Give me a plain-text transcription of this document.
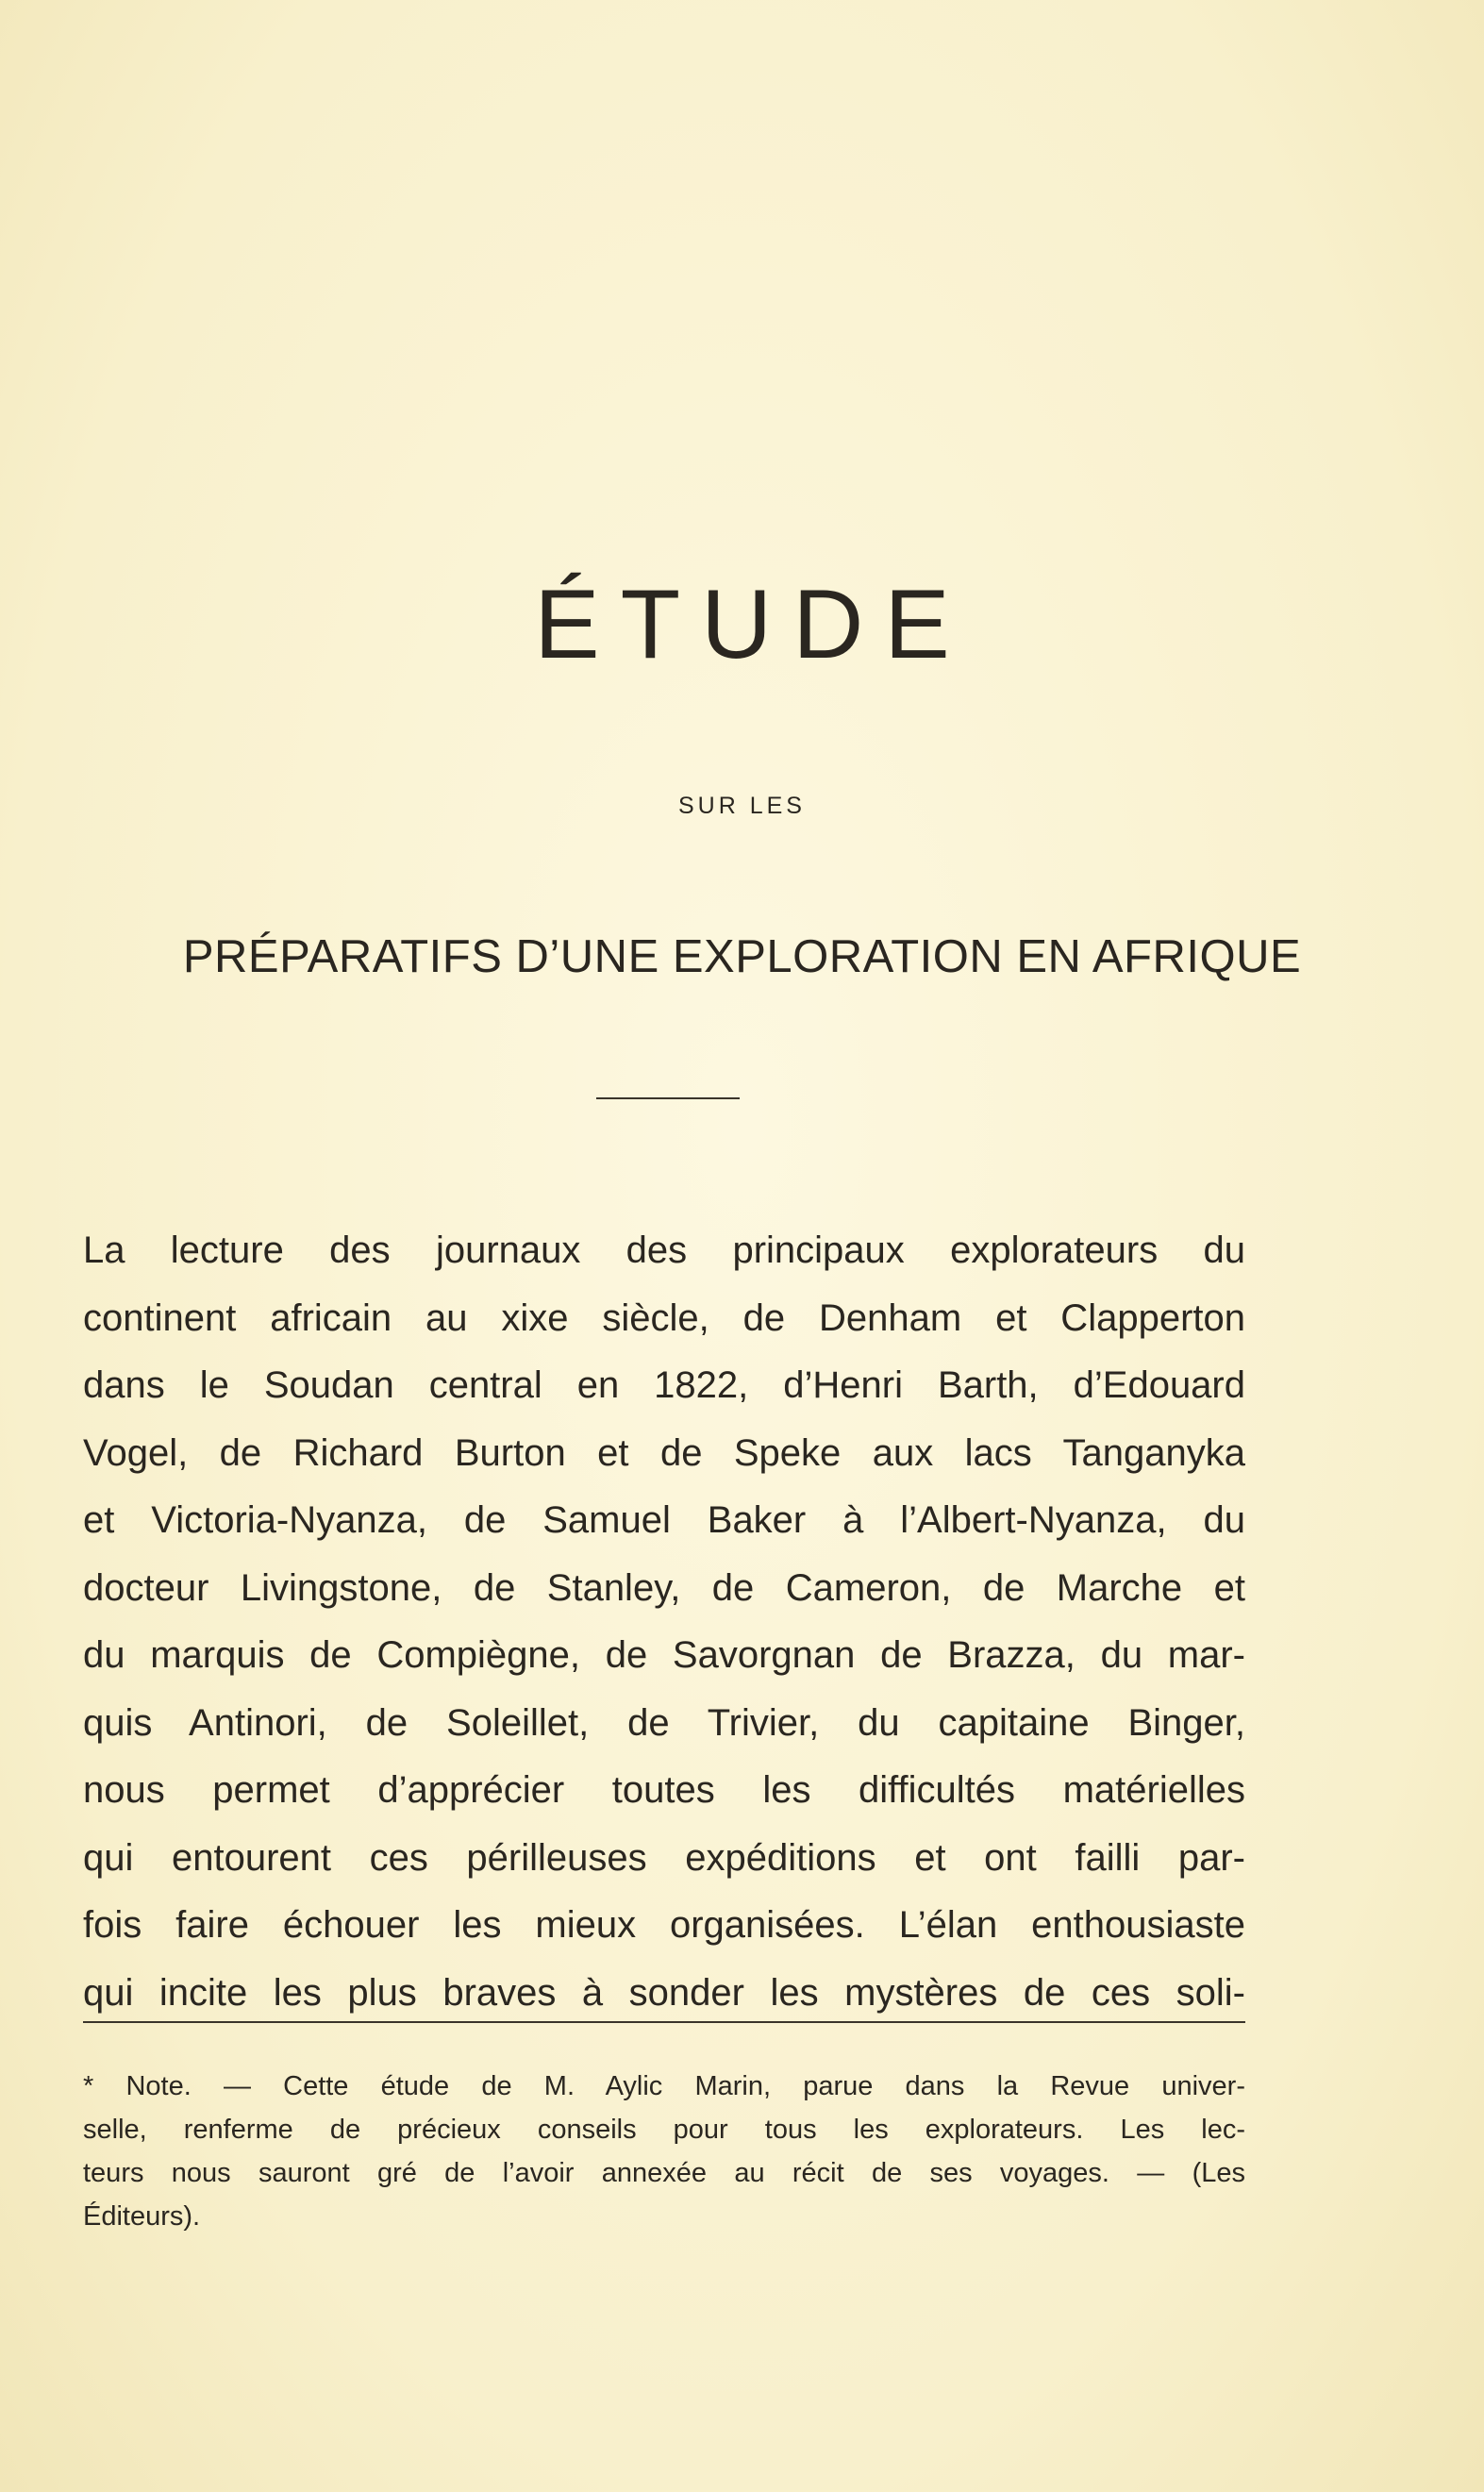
ÉTUDE
SUR LES
PRÉPARATIFS D’UNE EXPLORATION EN AFRIQUE
La lecture des journaux des principaux explorateurs du
continent africain au xixe siècle, de Denham et Clapperton
dans le Soudan central en 1822, d’Henri Barth, d’Edouard
Vogel, de Richard Burton et de Speke aux lacs Tanganyka
et Victoria-Nyanza, de Samuel Baker à l’Albert-Nyanza, du
docteur Livingstone, de Stanley, de Cameron, de Marche et
du marquis de Compiègne, de Savorgnan de Brazza, du mar-
quis Antinori, de Soleillet, de Trivier, du capitaine Binger,
nous permet d’apprécier toutes les difficultés matérielles
qui entourent ces périlleuses expéditions et ont failli par-
fois faire échouer les mieux organisées. L’élan enthousiaste
qui incite les plus braves à sonder les mystères de ces soli-
* Note. — Cette étude de M. Aylic Marin, parue dans la Revue univer-
selle, renferme de précieux conseils pour tous les explorateurs. Les lec-
teurs nous sauront gré de l’avoir annexée au récit de ses voyages. — (Les
Éditeurs).
